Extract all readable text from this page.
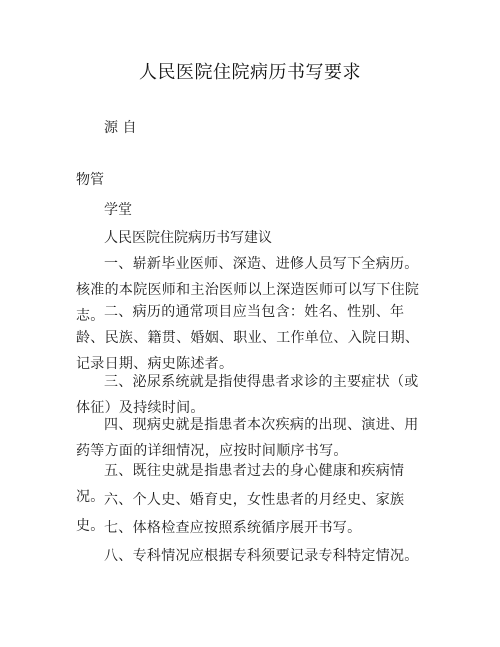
人民医院住院病历书写要求
源 自
物管
学堂
人民医院住院病历书写建议
一、崭新毕业医师、深造、进修人员写下全病历。核准的本院医师和主治医师以上深造医师可以写下住院志。 二、病历的通常项目应当包含：姓名、性别、年龄、民族、籍贯、婚姻、职业、工作单位、入院日期、记录日期、病史陈述者。
三、泌尿系统就是指使得患者求诊的主要症状（或体征）及持续时间。
四、现病史就是指患者本次疾病的出现、演进、用药等方面的详细情况，应按时间顺序书写。
五、既往史就是指患者过去的身心健康和疾病情况。 六、个人史、婚育史，女性患者的月经史、家族史。 七、体格检查应按照系统循序展开书写。
八、专科情况应根据专科须要记录专科特定情况。
